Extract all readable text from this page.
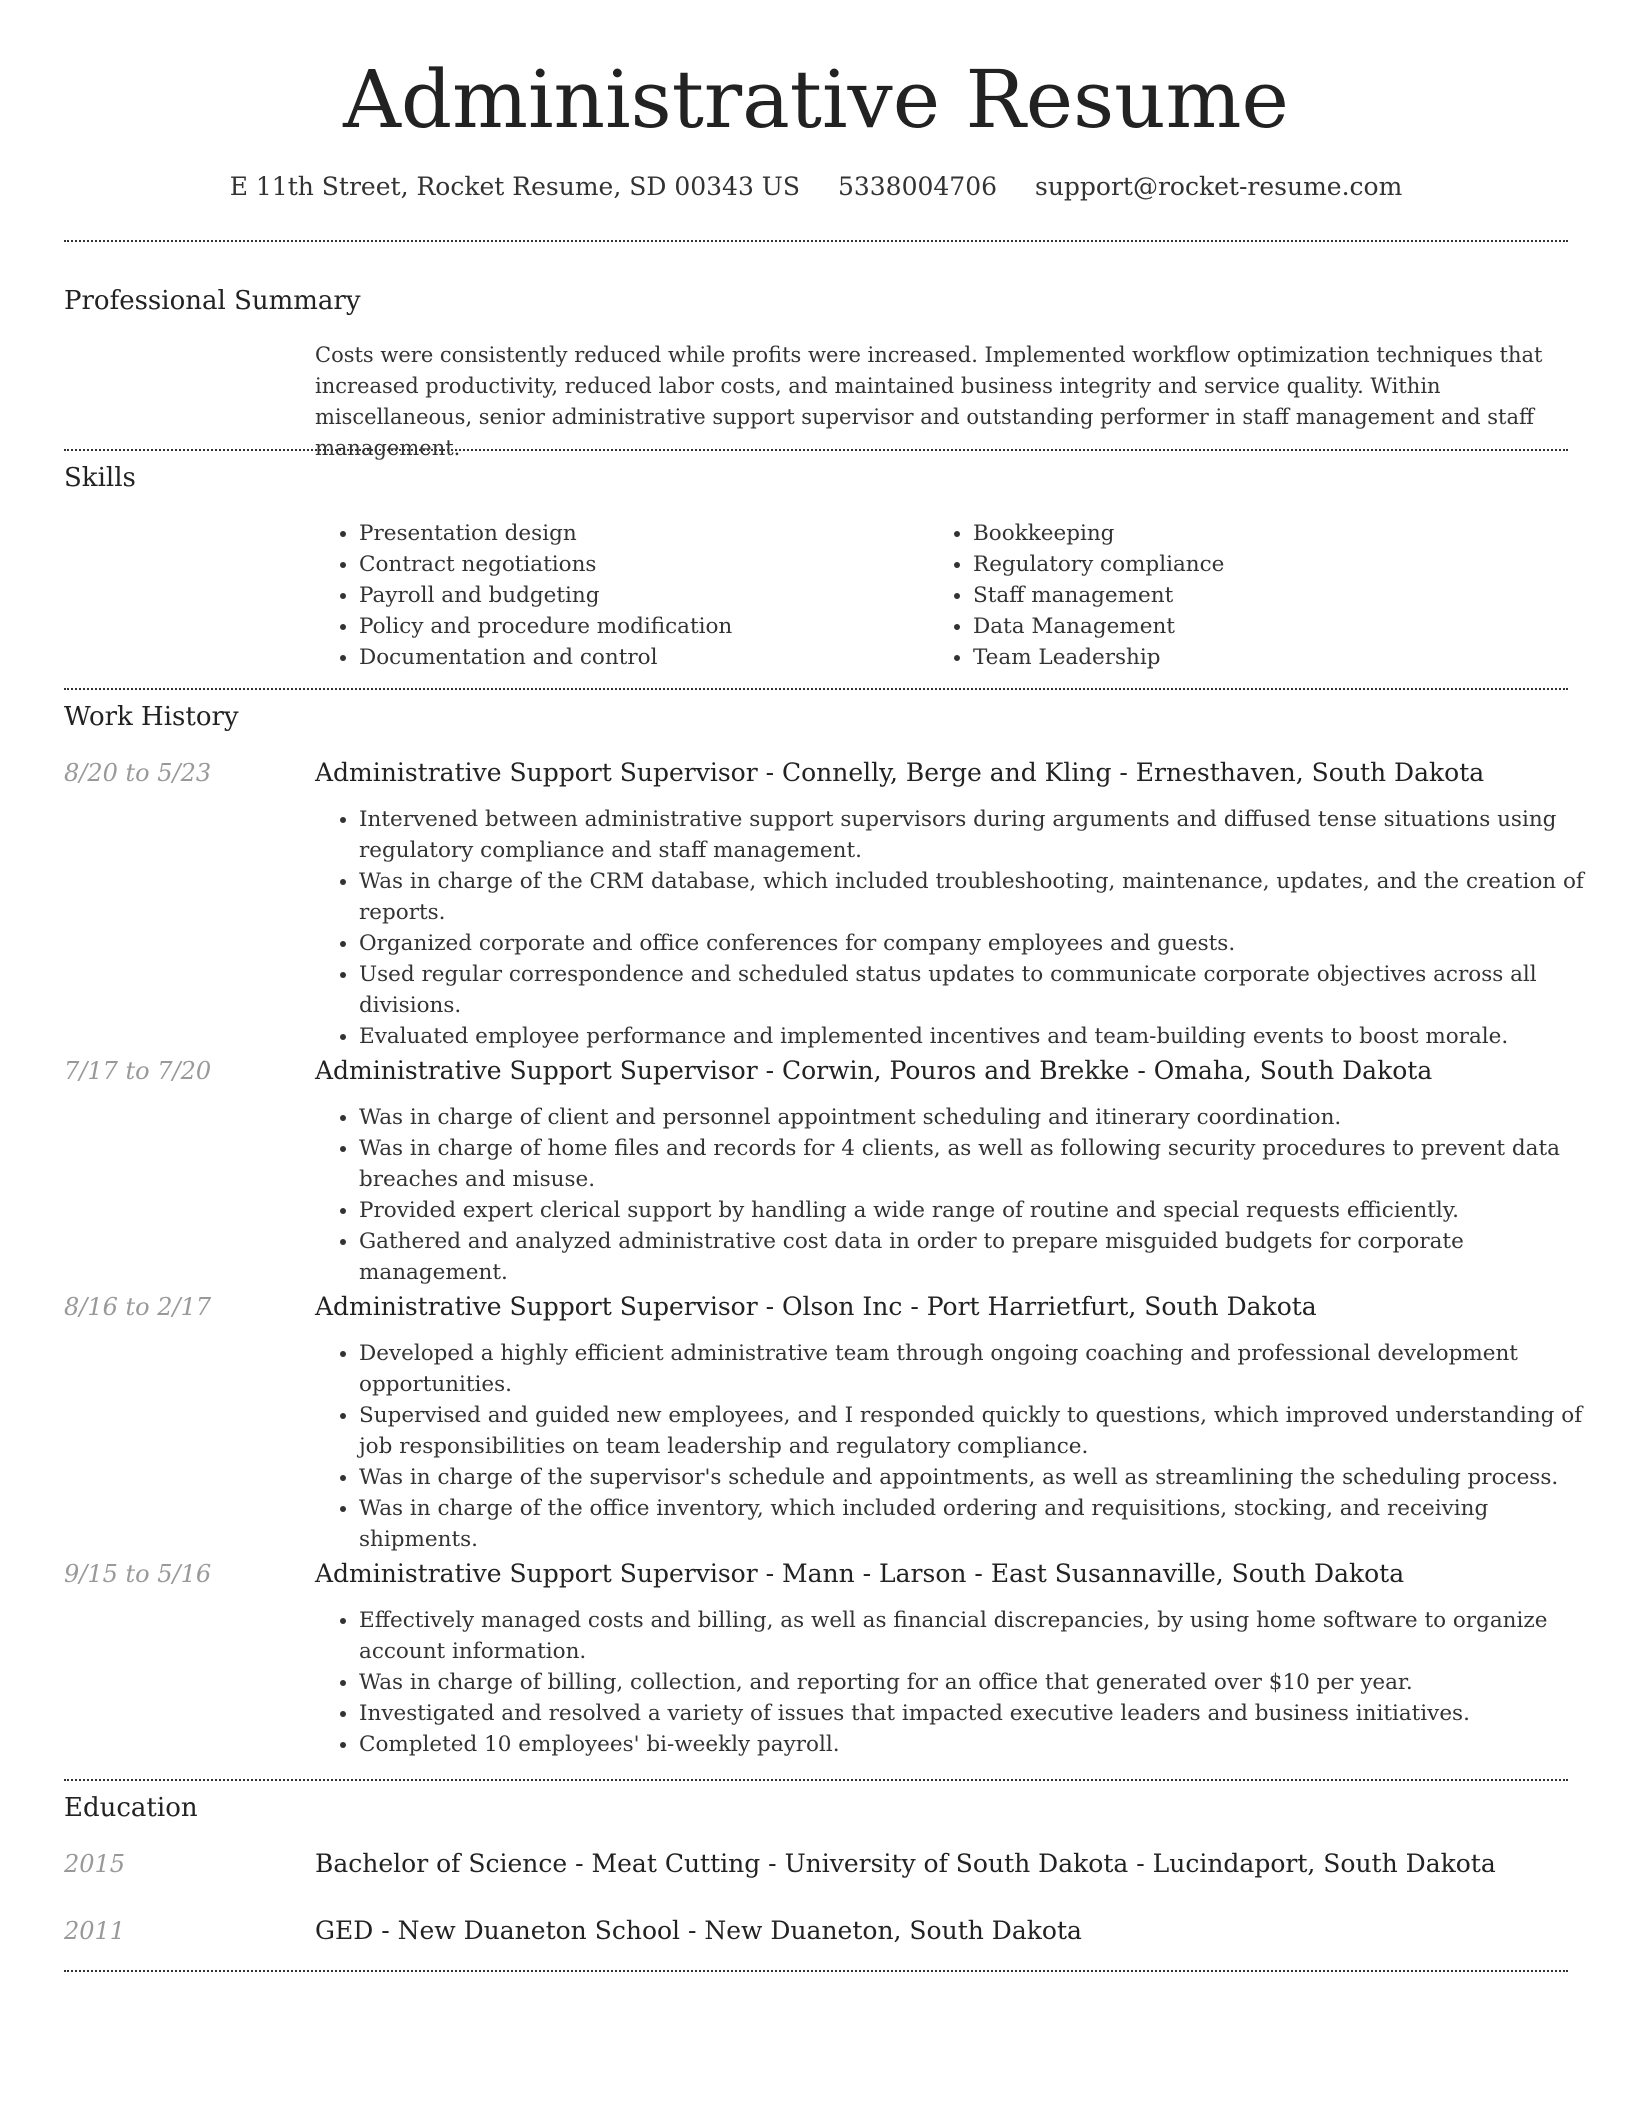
Administrative Resume
E 11th Street, Rocket Resume, SD 00343 US 5338004706 support@rocket-resume.com
Professional Summary
Costs were consistently reduced while profits were increased. Implemented workflow optimization techniques that increased productivity, reduced labor costs, and maintained business integrity and service quality. Within miscellaneous, senior administrative support supervisor and outstanding performer in staff management and staff management.
Skills
• Presentation design
• Contract negotiations
• Payroll and budgeting
• Policy and procedure modification
• Documentation and control
• Bookkeeping
• Regulatory compliance
• Staff management
• Data Management
• Team Leadership
Work History
8/20 to 5/23	Administrative Support Supervisor - Connelly, Berge and Kling - Ernesthaven, South Dakota
• Intervened between administrative support supervisors during arguments and diffused tense situations using regulatory compliance and staff management.
• Was in charge of the CRM database, which included troubleshooting, maintenance, updates, and the creation of reports.
• Organized corporate and office conferences for company employees and guests.
• Used regular correspondence and scheduled status updates to communicate corporate objectives across all divisions.
• Evaluated employee performance and implemented incentives and team-building events to boost morale.
7/17 to 7/20	Administrative Support Supervisor - Corwin, Pouros and Brekke - Omaha, South Dakota
• Was in charge of client and personnel appointment scheduling and itinerary coordination.
• Was in charge of home files and records for 4 clients, as well as following security procedures to prevent data breaches and misuse.
• Provided expert clerical support by handling a wide range of routine and special requests efficiently.
• Gathered and analyzed administrative cost data in order to prepare misguided budgets for corporate management.
8/16 to 2/17	Administrative Support Supervisor - Olson Inc - Port Harrietfurt, South Dakota
• Developed a highly efficient administrative team through ongoing coaching and professional development opportunities.
• Supervised and guided new employees, and I responded quickly to questions, which improved understanding of job responsibilities on team leadership and regulatory compliance.
• Was in charge of the supervisor's schedule and appointments, as well as streamlining the scheduling process.
• Was in charge of the office inventory, which included ordering and requisitions, stocking, and receiving shipments.
9/15 to 5/16	Administrative Support Supervisor - Mann - Larson - East Susannaville, South Dakota
• Effectively managed costs and billing, as well as financial discrepancies, by using home software to organize account information.
• Was in charge of billing, collection, and reporting for an office that generated over $10 per year.
• Investigated and resolved a variety of issues that impacted executive leaders and business initiatives.
• Completed 10 employees' bi-weekly payroll.
Education
2015	Bachelor of Science - Meat Cutting - University of South Dakota - Lucindaport, South Dakota
2011	GED - New Duaneton School - New Duaneton, South Dakota
